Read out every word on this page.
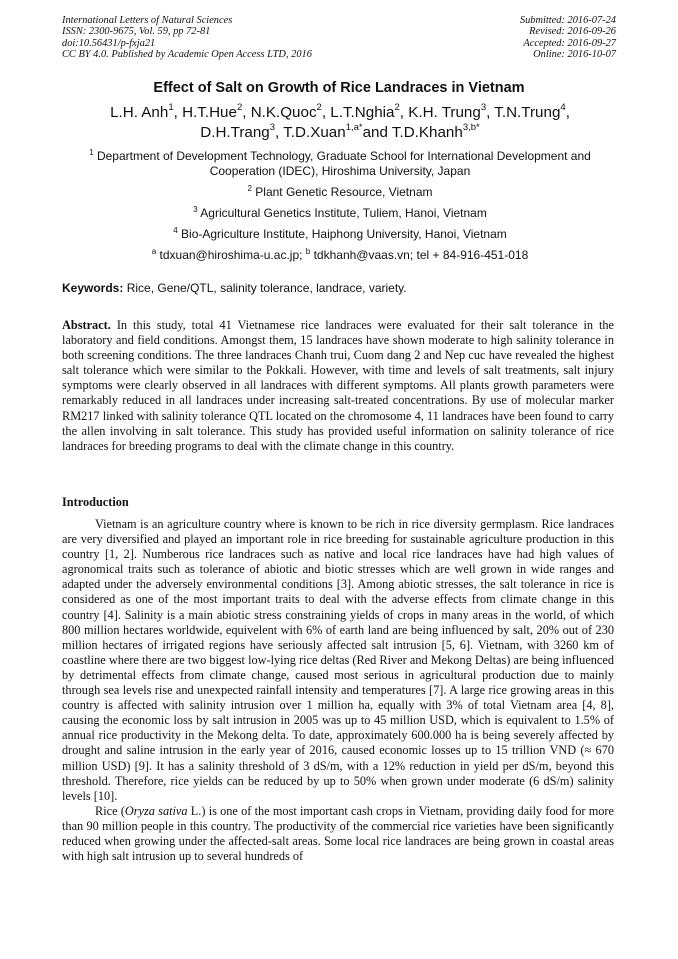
International Letters of Natural Sciences
ISSN: 2300-9675, Vol. 59, pp 72-81
doi:10.56431/p-fxja21
CC BY 4.0. Published by Academic Open Access LTD, 2016
Submitted: 2016-07-24
Revised: 2016-09-26
Accepted: 2016-09-27
Online: 2016-10-07
Effect of Salt on Growth of Rice Landraces in Vietnam
L.H. Anh$^1$, H.T.Hue$^2$, N.K.Quoc$^2$, L.T.Nghia$^2$, K.H. Trung$^3$, T.N.Trung$^4$,
D.H.Trang$^3$, T.D.Xuan$^{1,a*}$and T.D.Khanh$^{3,b*}$

$^1$ Department of Development Technology, Graduate School for International Development and Cooperation (IDEC), Hiroshima University, Japan

$^2$ Plant Genetic Resource, Vietnam

$^3$ Agricultural Genetics Institute, Tuliem, Hanoi, Vietnam

$^4$ Bio-Agriculture Institute, Haiphong University, Hanoi, Vietnam

$^a$ tdxuan@hiroshima-u.ac.jp; $^b$ tdkhanh@vaas.vn; tel + 84-916-451-018

Keywords: Rice, Gene/QTL, salinity tolerance, landrace, variety.
Abstract. In this study, total 41 Vietnamese rice landraces were evaluated for their salt tolerance in the laboratory and field conditions. Amongst them, 15 landraces have shown moderate to high salinity tolerance in both screening conditions. The three landraces Chanh trui, Cuom dang 2 and Nep cuc have revealed the highest salt tolerance which were similar to the Pokkali. However, with time and levels of salt treatments, salt injury symptoms were clearly observed in all landraces with different symptoms. All plants growth parameters were remarkably reduced in all landraces under increasing salt-treated concentrations. By use of molecular marker RM217 linked with salinity tolerance QTL located on the chromosome 4, 11 landraces have been found to carry the allen involving in salt tolerance. This study has provided useful information on salinity tolerance of rice landraces for breeding programs to deal with the climate change in this country.
Introduction

Vietnam is an agriculture country where is known to be rich in rice diversity germplasm. Rice landraces are very diversified and played an important role in rice breeding for sustainable agriculture production in this country [1, 2]. Numberous rice landraces such as native and local rice landraces have had high values of agronomical traits such as tolerance of abiotic and biotic stresses which are well grown in wide ranges and adapted under the adversely environmental conditions [3]. Among abiotic stresses, the salt tolerance in rice is considered as one of the most important traits to deal with the adverse effects from climate change in this country [4]. Salinity is a main abiotic stress constraining yields of crops in many areas in the world, of which 800 million hectares worldwide, equivelent with 6% of earth land are being influenced by salt, 20% out of 230 million hectares of irrigated regions have seriously affected salt intrusion [5, 6]. Vietnam, with 3260 km of coastline where there are two biggest low-lying rice deltas (Red River and Mekong Deltas) are being influenced by detrimental effects from climate change, caused most serious in agricultural production due to mainly through sea levels rise and unexpected rainfall intensity and temperatures [7]. A large rice growing areas in this country is affected with salinity intrusion over 1 million ha, equally with 3% of total Vietnam area [4, 8], causing the economic loss by salt intrusion in 2005 was up to 45 million USD, which is equivalent to 1.5% of annual rice productivity in the Mekong delta. To date, approximately 600.000 ha is being severely affected by drought and saline intrusion in the early year of 2016, caused economic losses up to 15 trillion VND (≈ 670 million USD) [9]. It has a salinity threshold of 3 dS/m, with a 12% reduction in yield per dS/m, beyond this threshold. Therefore, rice yields can be reduced by up to 50% when grown under moderate (6 dS/m) salinity levels [10].

Rice (Oryza sativa L.) is one of the most important cash crops in Vietnam, providing daily food for more than 90 million people in this country. The productivity of the commercial rice varieties have been significantly reduced when growing under the affected-salt areas. Some local rice landraces are being grown in coastal areas with high salt intrusion up to several hundreds of
